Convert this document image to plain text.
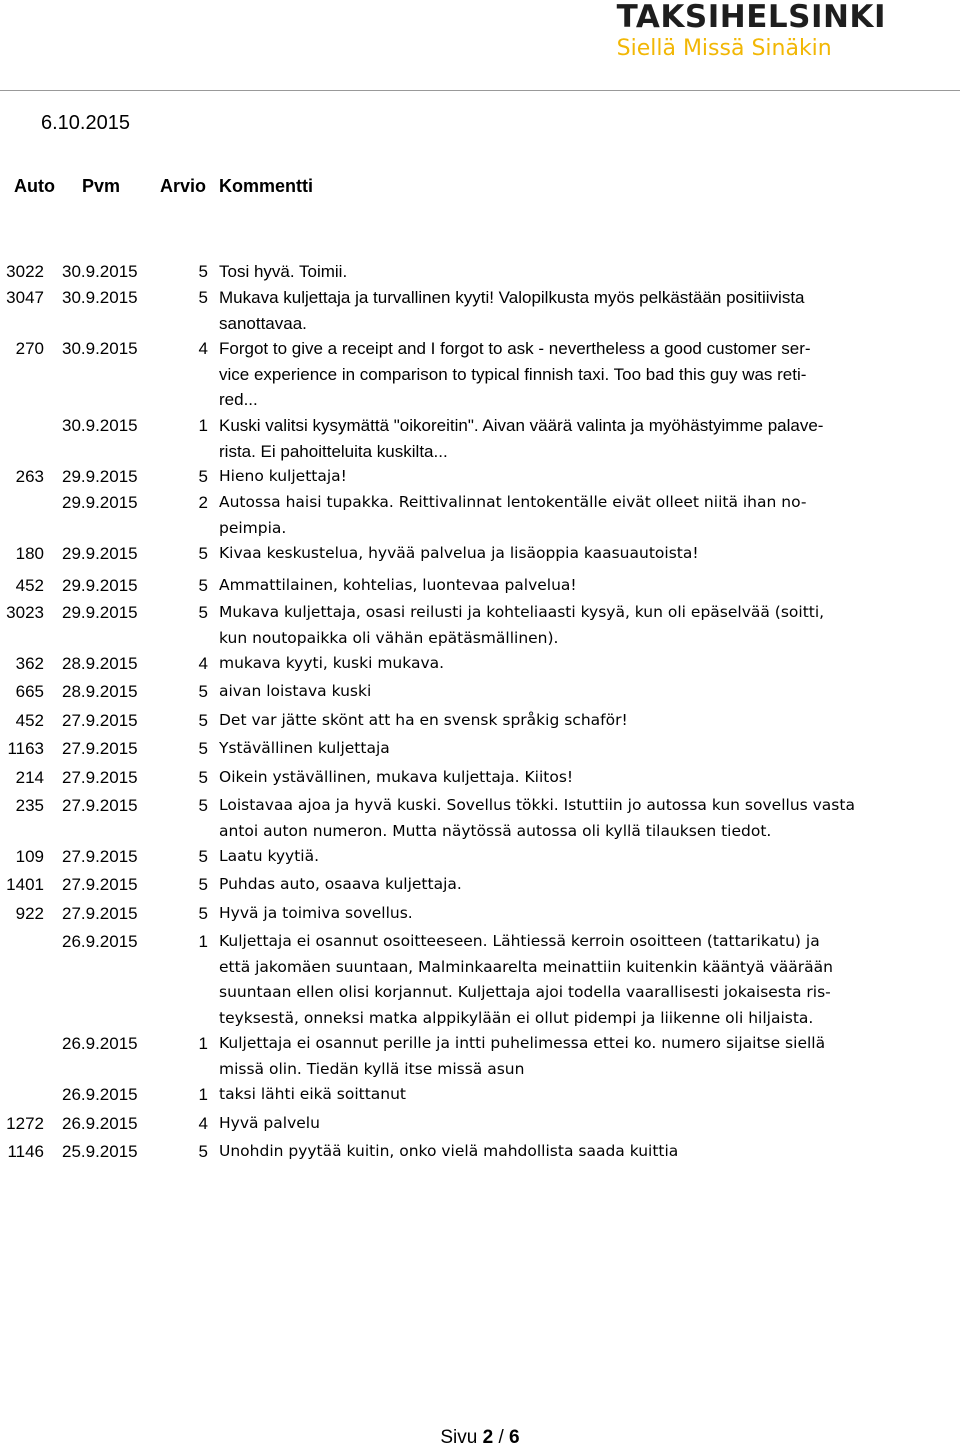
TAKSIHELSINKI
Siellä Missä Sinäkin
6.10.2015
Auto Pvm Arvio Kommentti
3022 30.9.2015	5 Tosi hyvä. Toimii.
3047 30.9.2015	5 Mukava kuljettaja ja turvallinen kyyti! Valopilkusta myös pelkästään positiivista
sanottavaa.
270 30.9.2015	4 Forgot to give a receipt and I forgot to ask - nevertheless a good customer ser-
vice experience in comparison to typical finnish taxi. Too bad this guy was reti-
red...
30.9.2015	1 Kuski valitsi kysymättä "oikoreitin". Aivan väärä valinta ja myöhästyimme palave-
rista. Ei pahoitteluita kuskilta...
263 29.9.2015	5 Hieno kuljettaja!
29.9.2015	2 Autossa haisi tupakka. Reittivalinnat lentokentälle eivät olleet niitä ihan no-
peimpia.
180 29.9.2015	5 Kivaa keskustelua, hyvää palvelua ja lisäoppia kaasuautoista!
452 29.9.2015	5 Ammattilainen, kohtelias, luontevaa palvelua!
3023 29.9.2015	5 Mukava kuljettaja, osasi reilusti ja kohteliaasti kysyä, kun oli epäselvää (soitti,
kun noutopaikka oli vähän epätäsmällinen).
362 28.9.2015	4 mukava kyyti, kuski mukava.
665 28.9.2015	5 aivan loistava kuski
452 27.9.2015	5 Det var jätte skönt att ha en svensk språkig schaför!
1163 27.9.2015	5 Ystävällinen kuljettaja
214 27.9.2015	5 Oikein ystävällinen, mukava kuljettaja. Kiitos!
235 27.9.2015	5 Loistavaa ajoa ja hyvä kuski. Sovellus tökki. Istuttiin jo autossa kun sovellus vasta
antoi auton numeron. Mutta näytössä autossa oli kyllä tilauksen tiedot.
109 27.9.2015	5 Laatu kyytiä.
1401 27.9.2015	5 Puhdas auto, osaava kuljettaja.
922 27.9.2015	5 Hyvä ja toimiva sovellus.
26.9.2015	1 Kuljettaja ei osannut osoitteeseen. Lähtiessä kerroin osoitteen (tattarikatu) ja
että jakomäen suuntaan, Malminkaarelta meinattiin kuitenkin kääntyä väärään
suuntaan ellen olisi korjannut. Kuljettaja ajoi todella vaarallisesti jokaisesta ris-
teyksestä, onneksi matka alppikylään ei ollut pidempi ja liikenne oli hiljaista.
26.9.2015	1 Kuljettaja ei osannut perille ja intti puhelimessa ettei ko. numero sijaitse siellä
missä olin. Tiedän kyllä itse missä asun
26.9.2015	1 taksi lähti eikä soittanut
1272 26.9.2015	4 Hyvä palvelu
1146 25.9.2015	5 Unohdin pyytää kuitin, onko vielä mahdollista saada kuittia
Sivu 2 / 6
